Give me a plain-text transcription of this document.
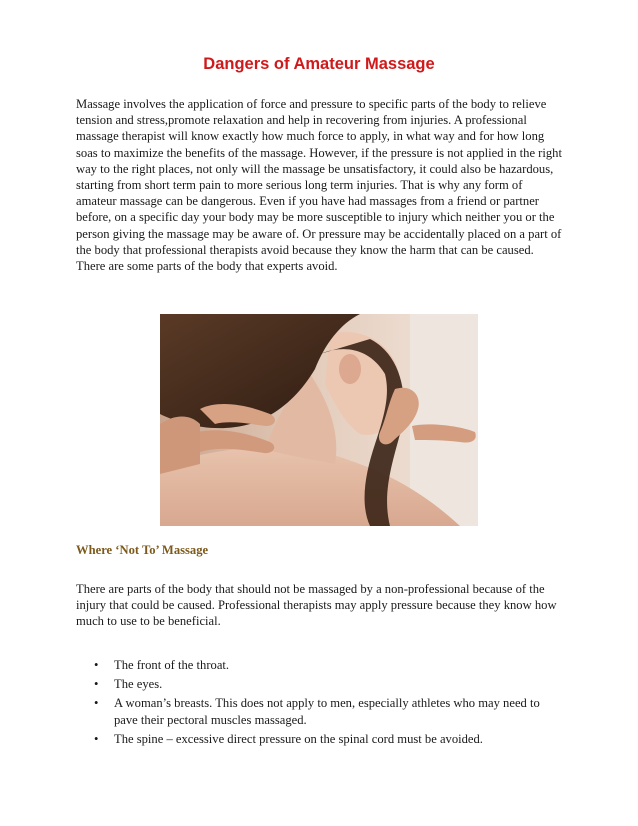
Dangers of Amateur Massage

Massage involves the application of force and pressure to specific parts of the body to relieve tension and stress,promote relaxation and help in recovering from injuries. A professional massage therapist will know exactly how much force to apply, in what way and for how long soas to maximize the benefits of the massage. However, if the pressure is not applied in the right way to the right places, not only will the massage be unsatisfactory, it could also be hazardous, starting from short term pain to more serious long term injuries. That is why any form of amateur massage can be dangerous. Even if you have had massages from a friend or partner before, on a specific day your body may be more susceptible to injury which neither you or the person giving the massage may be aware of. Or pressure may be accidentally placed on a part of the body that professional therapists avoid because they know the harm that can be caused. There are some parts of the body that experts avoid.

Where ‘Not To’ Massage

There are parts of the body that should not be massaged by a non-professional because of the injury that could be caused. Professional therapists may apply pressure because they know how much to use to be beneficial.

• The front of the throat.
• The eyes.
• A woman’s breasts. This does not apply to men, especially athletes who may need to pave their pectoral muscles massaged.
• The spine – excessive direct pressure on the spinal cord must be avoided.
